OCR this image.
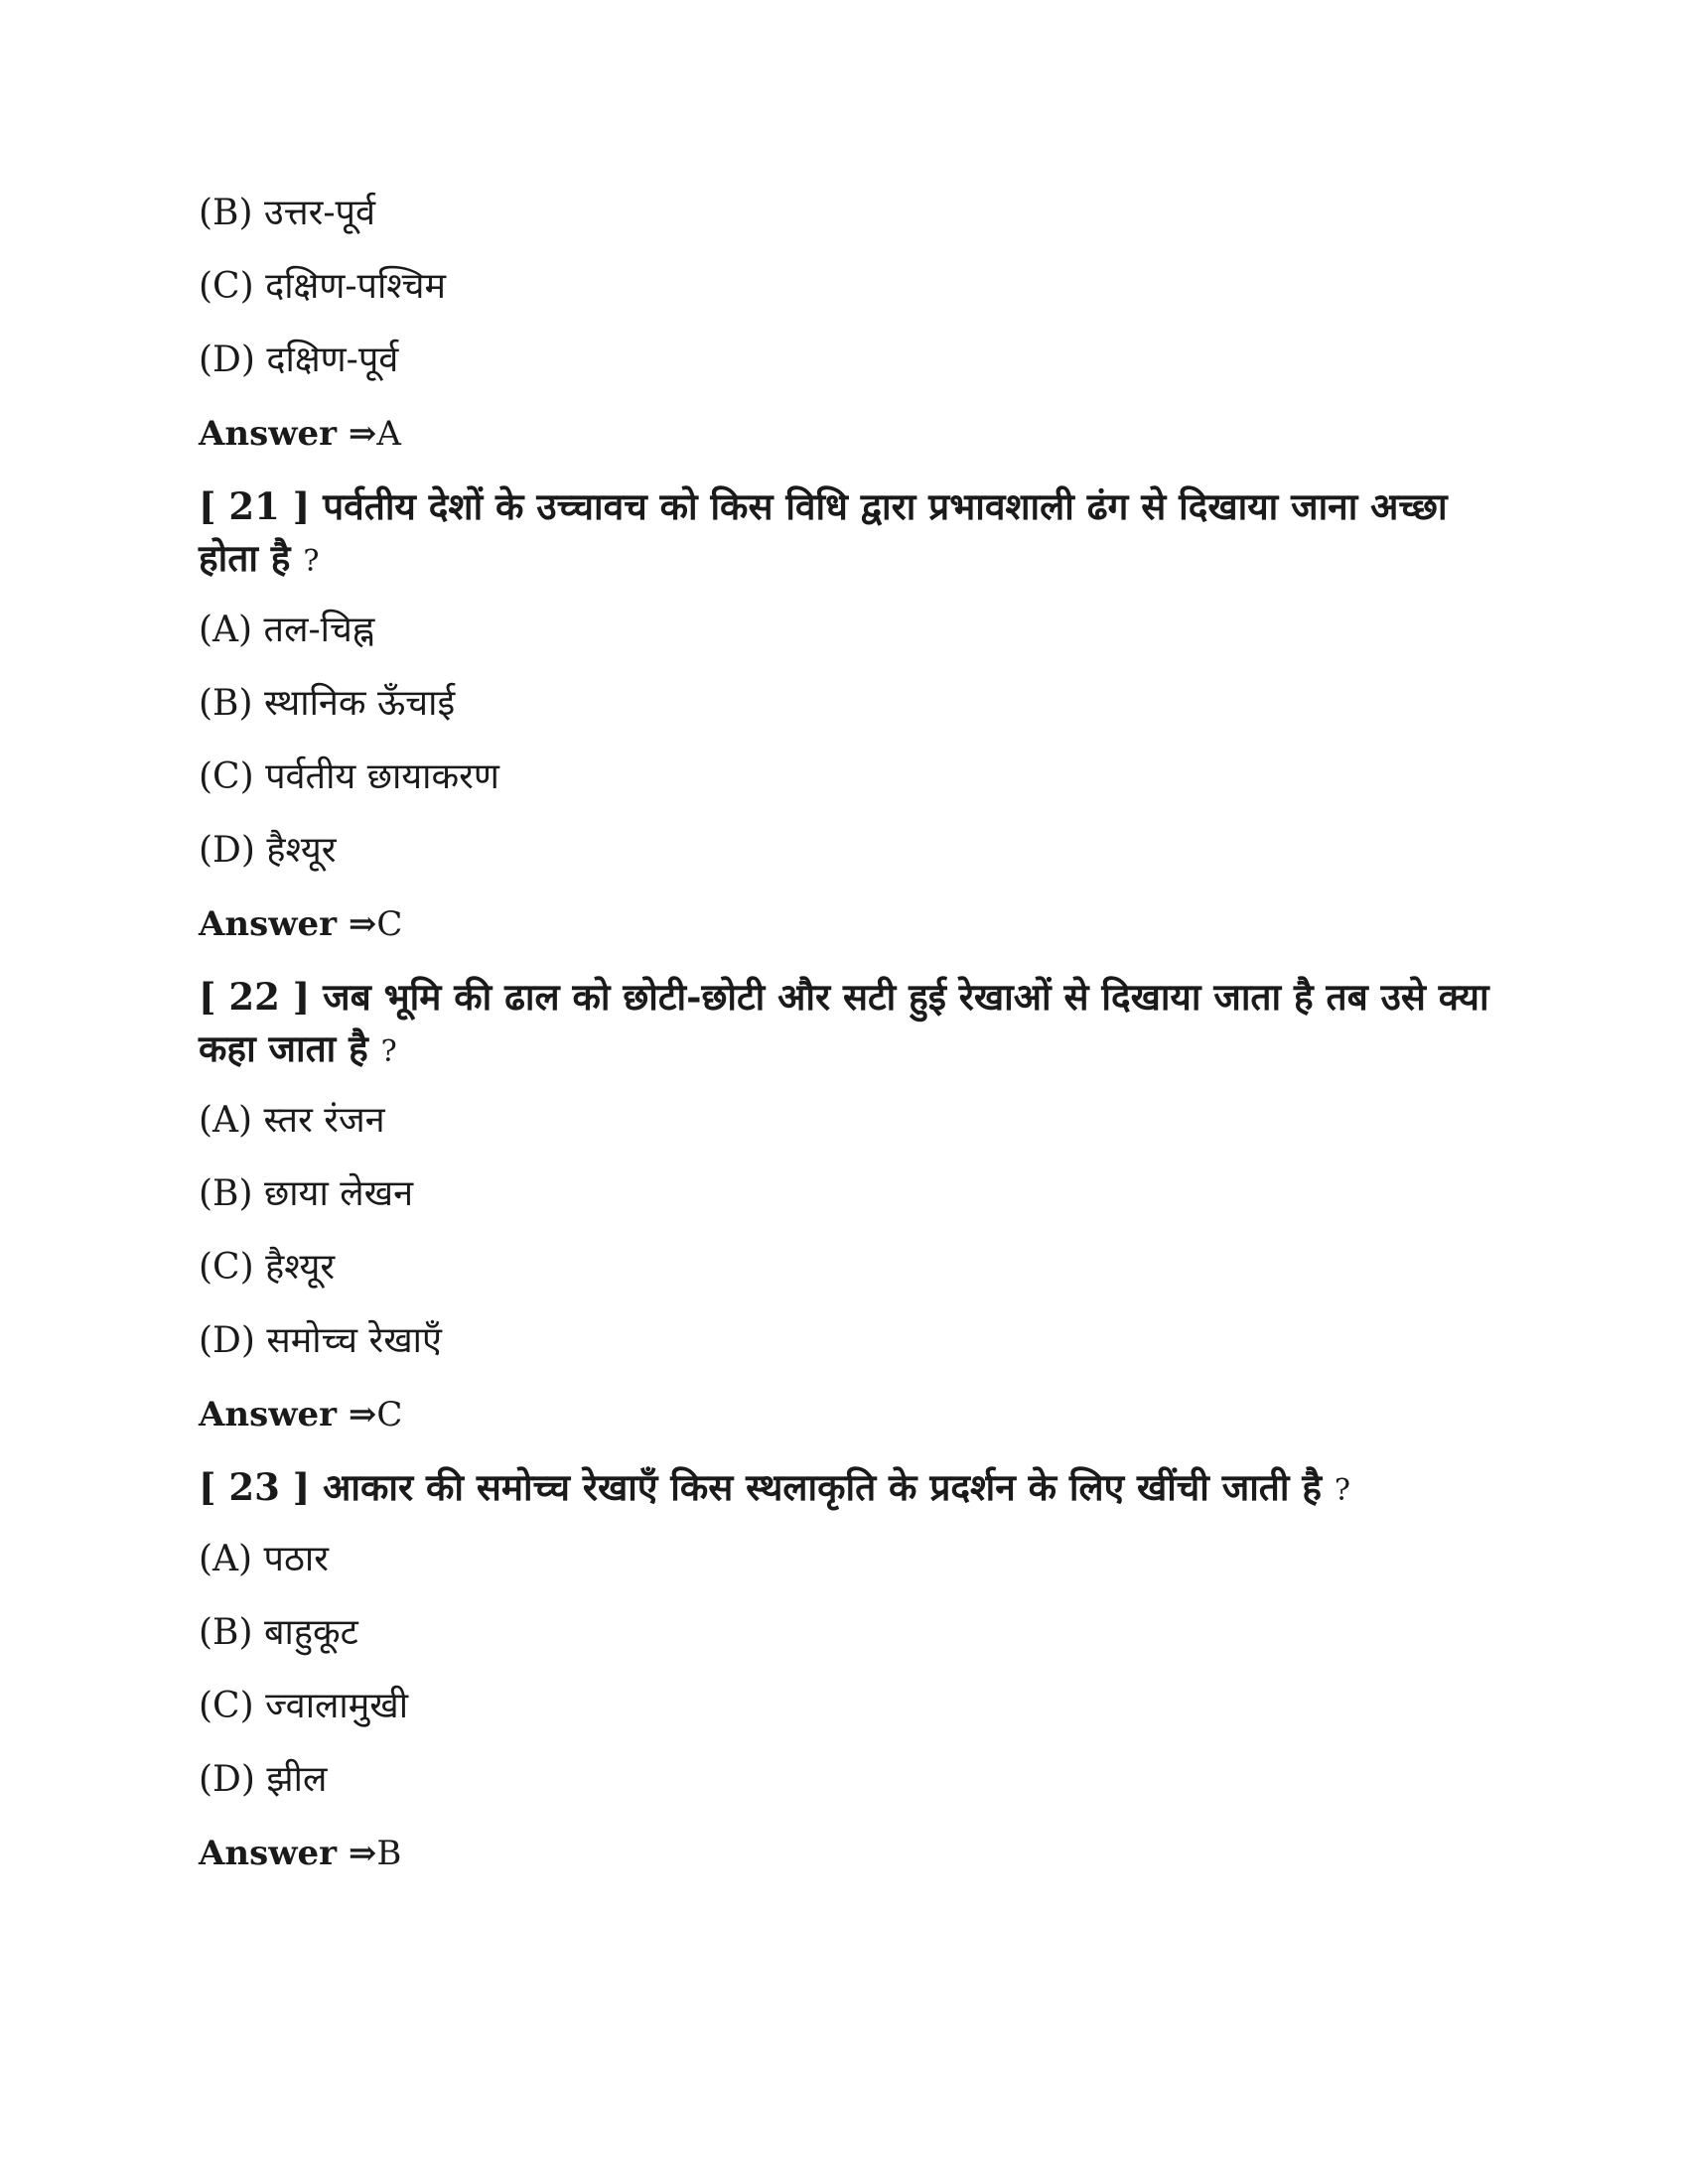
(B) उत्तर-पूर्व
(C) दक्षिण-पश्चिम
(D) दक्षिण-पूर्व
Answer ⇒A
[ 21 ] पर्वतीय देशों के उच्चावच को किस विधि द्वारा प्रभावशाली ढंग से दिखाया जाना अच्छा होता है ?
(A) तल-चिह्न
(B) स्थानिक ऊँचाई
(C) पर्वतीय छायाकरण
(D) हैश्यूर
Answer ⇒C
[ 22 ] जब भूमि की ढाल को छोटी-छोटी और सटी हुई रेखाओं से दिखाया जाता है तब उसे क्या कहा जाता है ?
(A) स्तर रंजन
(B) छाया लेखन
(C) हैश्यूर
(D) समोच्च रेखाएँ
Answer ⇒C
[ 23 ] आकार की समोच्च रेखाएँ किस स्थलाकृति के प्रदर्शन के लिए खींची जाती है ?
(A) पठार
(B) बाहुकूट
(C) ज्वालामुखी
(D) झील
Answer ⇒B
